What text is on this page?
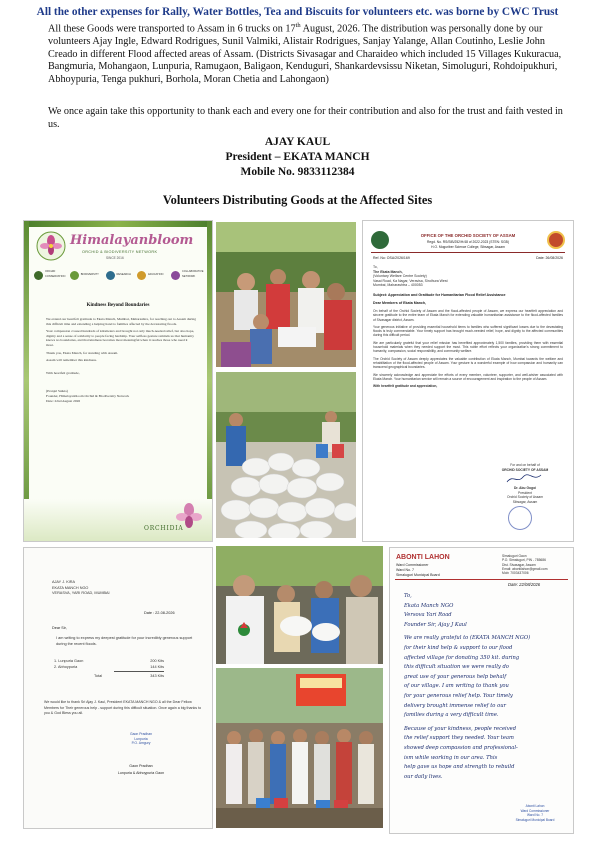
All the other expenses for Rally, Water Bottles, Tea and Biscuits for volunteers etc. was borne by CWC Trust

All these Goods were transported to Assam in 6 trucks on 17th August, 2026. The distribution was personally done by our volunteers Ajay Ingle, Edward Rodrigues, Sunil Valmiki, Alistair Rodrigues, Sanjay Yalange, Allan Coutinho, Leslie John Creado in different Flood affected areas of Assam. (Districts Sivasagar and Charaideo which included 15 Villages Kukuracua, Bangmuria, Mohangaon, Lunpuria, Ramugaon, Baligaon, Kenduguri, Shankardevsissu Niketan, Simoluguri, Rohdoipukhuri, Abhoypuria, Tenga pukhuri, Borhola, Moran Chetia and Lahongaon)

We once again take this opportunity to thank each and every one for their contribution and also for the trust and faith vested in us.

AJAY KAUL
President – EKATA MANCH
Mobile No. 9833112384
Volunteers Distributing Goods at the Affected Sites
Himalayanbloom
ORCHID & BIODIVERSITY NETWORK
SINCE 2016
ORCHID CONSERVATION
BIODIVERSITY	RESEARCH	EDUCATION
COLLABORATIVE NETWORK
Kindness Beyond Boundaries

We extend our heartfelt gratitude to Ekata Manch, Mumbai, Maharashtra, for reaching out to Assam during this difficult time and extending a helping hand to families affected by the devastating floods.

Your compassion crossed hundreds of kilometers and brought not only much-needed relief, but also hope, dignity and a sense of solidarity to people facing hardship. Your selfless gesture reminds us that humanity knows no boundaries, and that kindness becomes most meaningful when it reaches those who need it most.

Thank you, Ekata Manch, for standing with Assam.

Assam will remember this kindness.

With heartfelt gratitude,

(Pranjal Saikia)

Founder, Himalayanbloom Orchid & Biodiversity Network

Date: 22nd August 2026

ORCHIDIA
OFFICE OF THE ORCHID SOCIETY OF ASSAM
Regd. No. RS/SIB/252/H/48 of 2022-2023 (STEN: SGB)
H.O. Moguriber Science College, Sibsagar, Assam
Ref. No: OSA/2026/169	Date: 26/08/2026
To,
The Ekata Manch,
(Voluntary Welfare Centre Society)
Vasai Road, Ka Nagar, Veravisa, Sindhura West
Mumbai, Maharashtra – 400053
Subject: Appreciation and Gratitude for Humanitarian Flood Relief Assistance
Dear Members of Ekata Manch,

On behalf of the Orchid Society of Assam and the flood-affected people of Assam, we express our heartfelt appreciation and sincere gratitude to the entire team of Ekata Manch for extending valuable humanitarian assistance to the flood-affected families of Sivasagar district, Assam.

Your generous initiative of providing essential household items to families who suffered significant losses due to the devastating floods is truly commendable. Your timely support has brought much-needed relief, hope, and dignity to the affected communities during this difficult period.

We are particularly grateful that your relief mission has benefited approximately 1,500 families, providing them with essential household materials when they needed support the most. This noble effort reflects your organization's strong commitment to humanity, compassion, social responsibility, and community welfare.

The Orchid Society of Assam deeply appreciates the valuable contribution of Ekata Manch, Mumbai towards the welfare and rehabilitation of the flood-affected people of Assam. Your gesture is a wonderful example of how compassion and humanity can transcend geographical boundaries.

We sincerely acknowledge and appreciate the efforts of every member, volunteer, supporter, and well-wisher associated with Ekata Manch. Your humanitarian service will remain a source of encouragement and inspiration to the people of Assam.

With heartfelt gratitude and appreciation,

For and on behalf of
ORCHID SOCIETY OF ASSAM
Dr. Abu Gogoi
President
Orchid Society of Assam
Sibsagar, Assam
AJAY J. KIRA
EKATA MANCH NGO
VERASVA, YARI ROAD, MUMBAI
Date : 22-08-2026
Dear Sir,
I am writing to express my deepest gratitude for your incredibly generous support during the recent floods.
1. Lunpuria Gaon	200 Kits
2. Abhoypuria	144 Kits
Total	343 Kits
We would like to thank Sri Ajay J. Kaul, President EKATA MANCH NGO & all the Dear Fellow Members for Their generous help - support during this difficult situation. Once again a big thanks to you & God Bless you all.
Gaon Pradhan
Lunpuria
P.O. Amgury
Gaon Pradhan
Lunpuria & Abhoypuria Gaon
ABONTI LAHON
Ward Commissioner
Ward No. 7
Simaluguri Municipal Board
Simaluguri Gaon
P.O. Simaluguri, PIN - 785686
Dist. Sivasagar, Assam
Email: abontilahon@gmail.com
Mob: 7003437006
Date: 22/08/2026
To,
Ekata Manch NGO
Versova Yari Road
Founder Sir, Ajay J Kaul
We are really grateful to (EKATA MANCH NGO)
for their kind help & support to our flood
affected village for donating 350 kit. during
this difficult situation we were really do
great use of your generous help behalf
of our village. I am writing to thank you
for your generous relief help. Your timely
delivery brought immense relief to our
families during a very difficult time.
Because of your kindness, people received
the relief support they needed. Your team
showed deep compassion and professional-
ism while working in our area. This
help gave us hope and strength to rebuild
our daily lives.
Abonti Lahon
Ward Commissioner
Ward No. 7
Simaluguri Municipal Board
